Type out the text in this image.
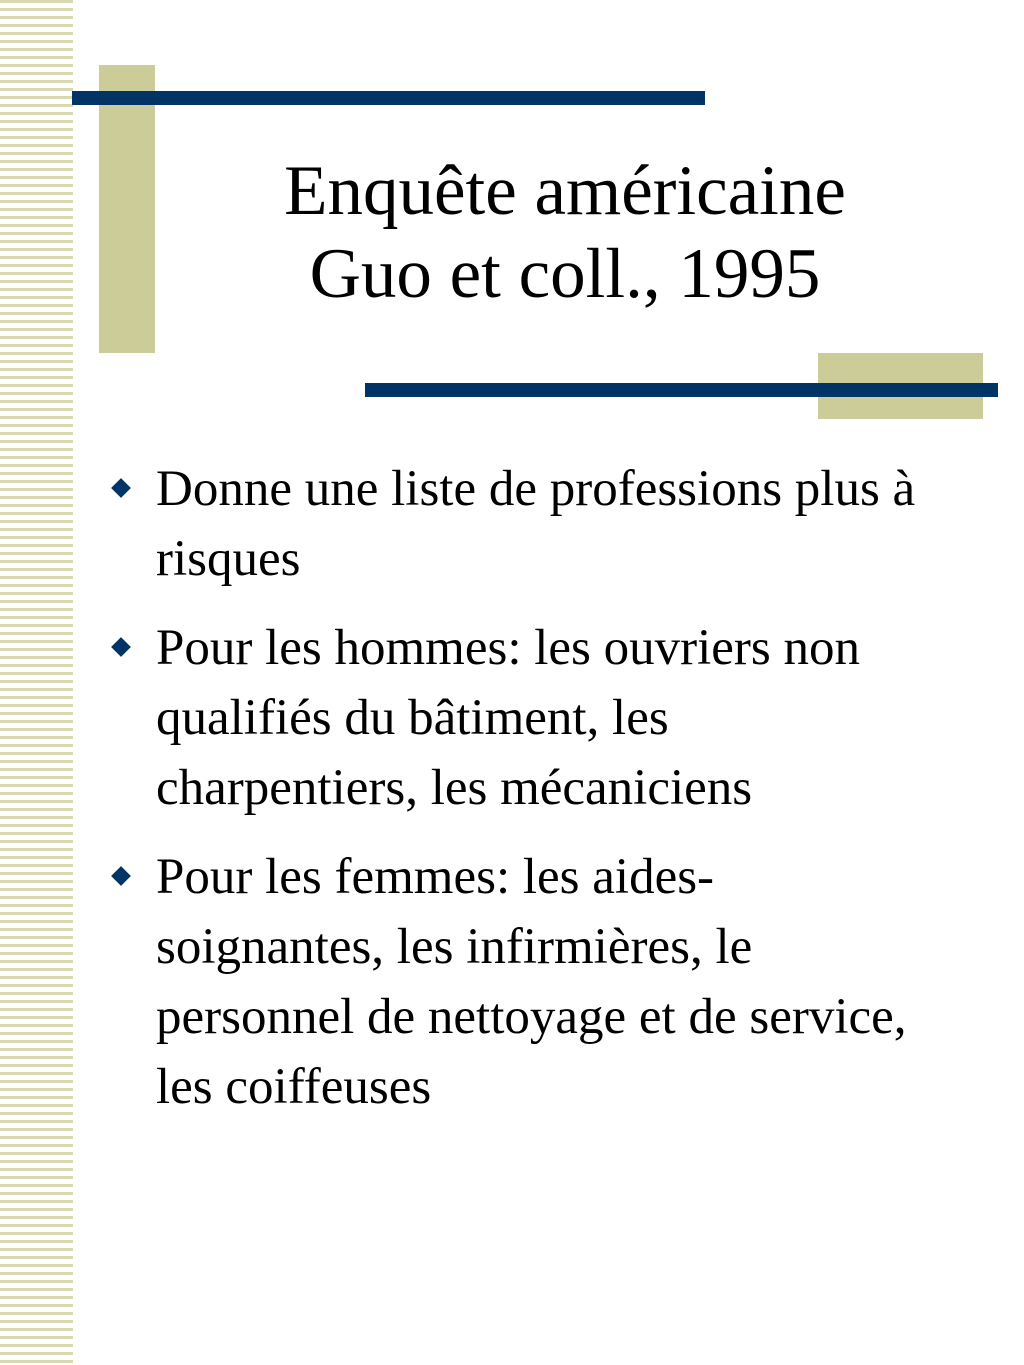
Enquête américaine
Guo et coll., 1995
Donne une liste de professions plus à risques
Pour les hommes: les ouvriers non qualifiés du bâtiment, les charpentiers, les mécaniciens
Pour les femmes: les aides-soignantes, les infirmières, le personnel de nettoyage et de service, les coiffeuses
